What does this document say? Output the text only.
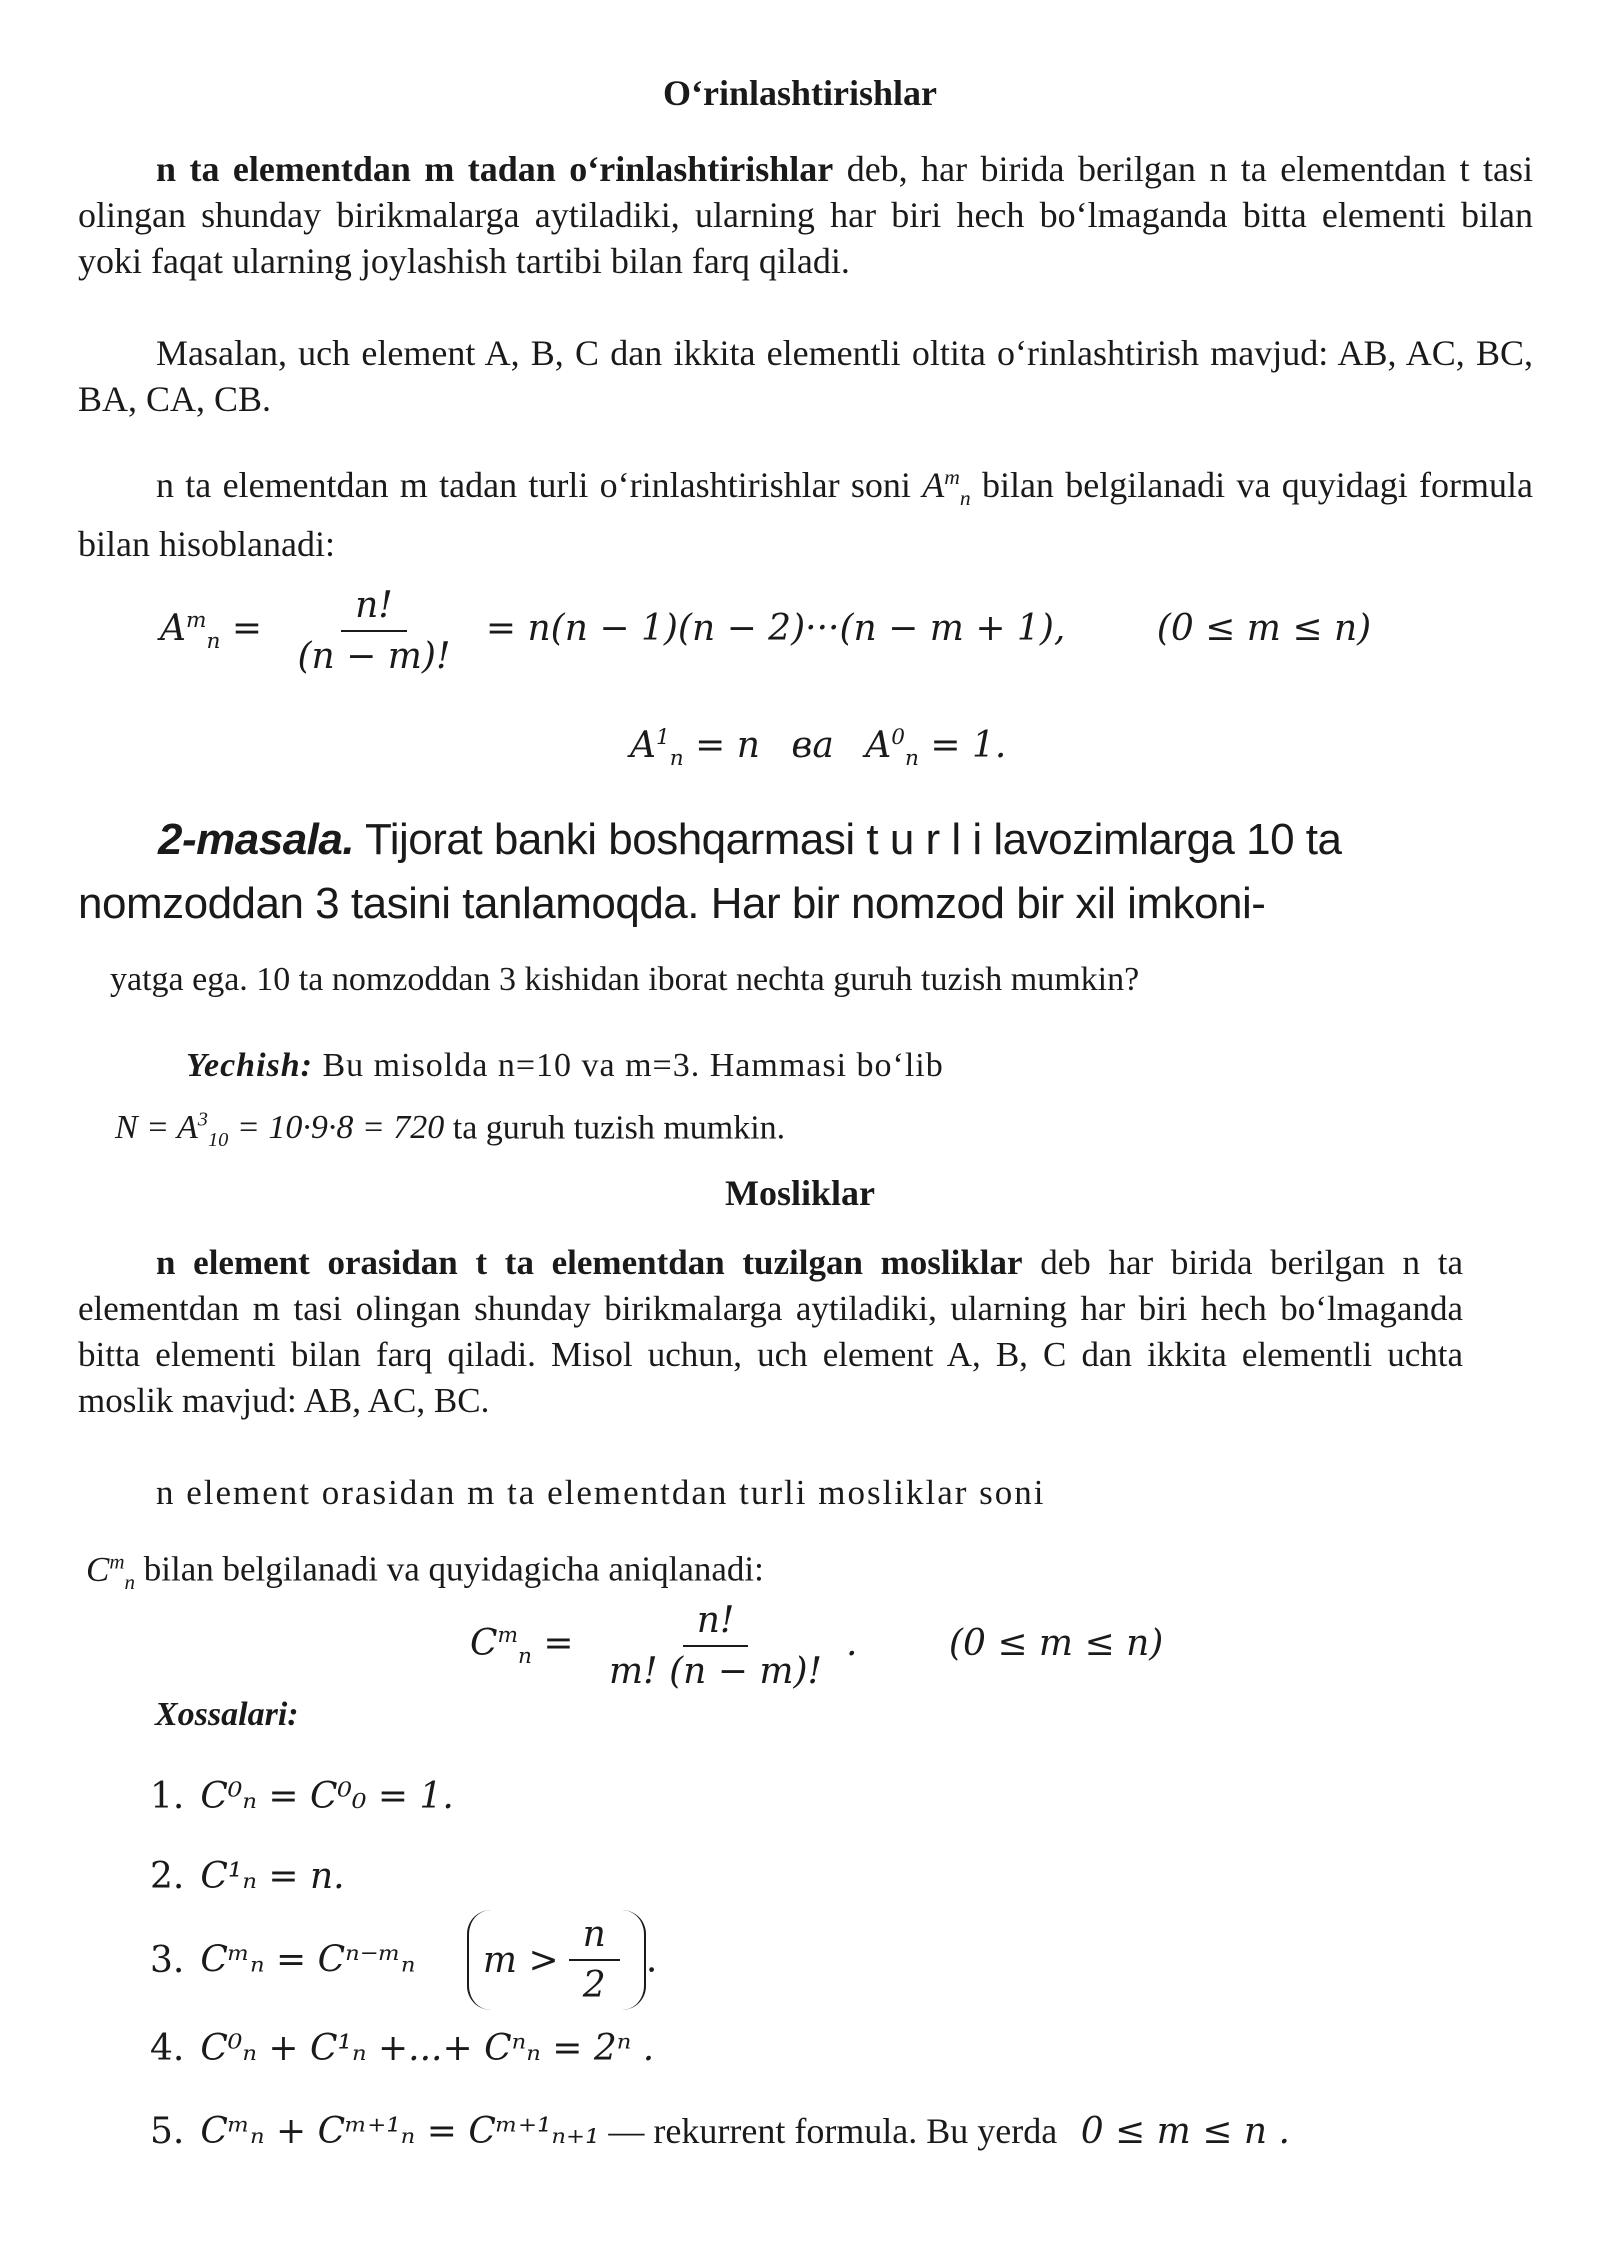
O‘rinlashtirishlar
n ta elementdan m tadan o‘rinlashtirishlar deb, har birida berilgan n ta elementdan t tasi olingan shunday birikmalarga aytiladiki, ularning har biri hech bo‘lmaganda bitta elementi bilan yoki faqat ularning joylashish tartibi bilan farq qiladi.
Masalan, uch element A, B, C dan ikkita elementli oltita o‘rinlashtirish mavjud: AB, AC, BC, BA, CA, CB.
n ta elementdan m tadan turli o‘rinlashtirishlar soni $A^m_n$ bilan belgilanadi va quyidagi formula bilan hisoblanadi:
$A^m_n = \frac{n!}{(n - m)!} = n(n - 1)(n - 2)\cdot\cdot\cdot(n - m + 1)$,	(0 ≤ m ≤ n)
$A^1_n = n$ ва $A^0_n = 1$.
2-masala. Tijorat banki boshqarmasi t u r l i lavozimlarga 10 ta nomzoddan 3 tasini tanlamoqda. Har bir nomzod bir xil imkoni-
yatga ega. 10 ta nomzoddan 3 kishidan iborat nechta guruh tuzish mumkin?
Yechish: Bu misolda n=10 va m=3. Hammasi bo‘lib
$N = A^3_{10} = 10\cdot 9\cdot 8 = 720$ ta guruh tuzish mumkin.
Mosliklar
n element orasidan t ta elementdan tuzilgan mosliklar deb har birida berilgan n ta elementdan m tasi olingan shunday birikmalarga aytiladiki, ularning har biri hech bo‘lmaganda bitta elementi bilan farq qiladi. Misol uchun, uch element A, B, C dan ikkita elementli uchta moslik mavjud: AB, AC, BC.
n element orasidan m ta elementdan turli mosliklar soni
$C^m_n$ bilan belgilanadi va quyidagicha aniqlanadi:
$C^m_n = \frac{n!}{m! (n - m)!}$ .	(0 ≤ m ≤ n)
Xossalari:
1. C⁰ₙ = C⁰₀ = 1.
2. C¹ₙ = n.
3. Cᵐₙ = Cⁿ⁻ᵐₙ $m > \frac{n}{2}$ .
4. C⁰ₙ + C¹ₙ +...+ Cⁿₙ = 2ⁿ .
5. Cᵐₙ + Cᵐ⁺¹ₙ = Cᵐ⁺¹ₙ₊₁ — rekurrent formula. Bu yerda 0 ≤ m ≤ n .
